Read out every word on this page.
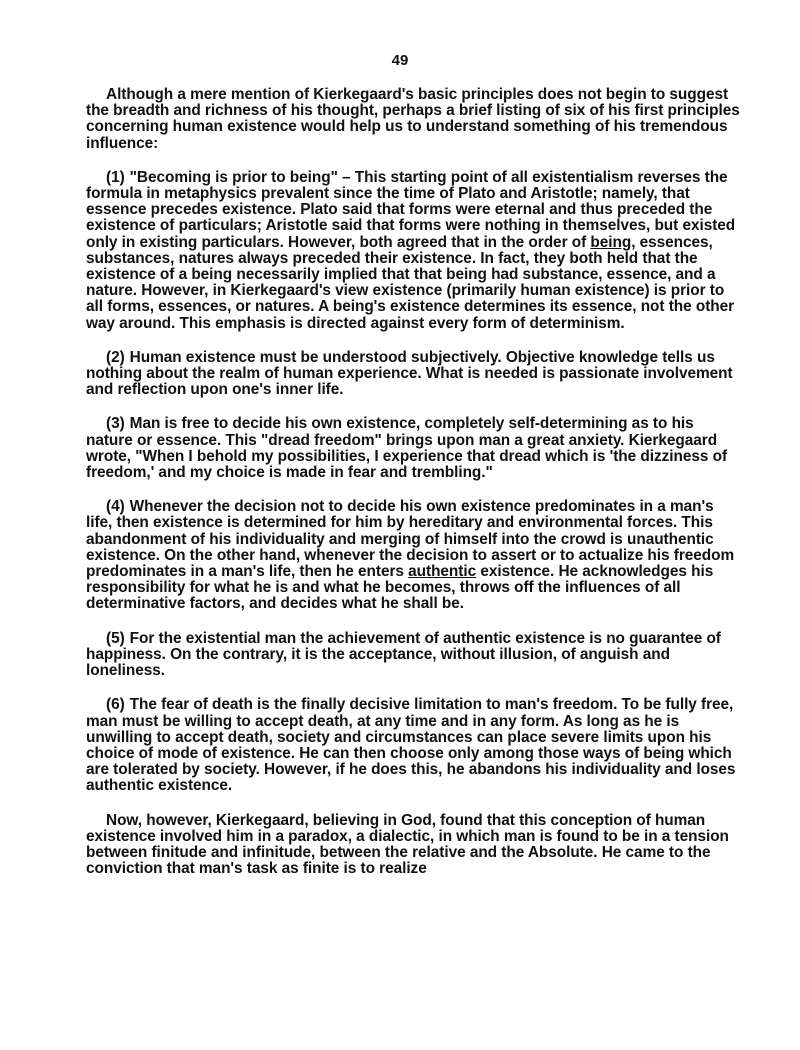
49

Although a mere mention of Kierkegaard's basic principles does not begin to suggest the breadth and richness of his thought, perhaps a brief listing of six of his first principles concerning human existence would help us to understand something of his tremendous influence:

(1) "Becoming is prior to being" – This starting point of all existentialism reverses the formula in metaphysics prevalent since the time of Plato and Aristotle; namely, that essence precedes existence. Plato said that forms were eternal and thus preceded the existence of particulars; Aristotle said that forms were nothing in themselves, but existed only in existing particulars. However, both agreed that in the order of being, essences, substances, natures always preceded their existence. In fact, they both held that the existence of a being necessarily implied that that being had substance, essence, and a nature. However, in Kierkegaard's view existence (primarily human existence) is prior to all forms, essences, or natures. A being's existence determines its essence, not the other way around. This emphasis is directed against every form of determinism.

(2) Human existence must be understood subjectively. Objective knowledge tells us nothing about the realm of human experience. What is needed is passionate involvement and reflection upon one's inner life.

(3) Man is free to decide his own existence, completely self-determining as to his nature or essence. This "dread freedom" brings upon man a great anxiety. Kierkegaard wrote, "When I behold my possibilities, I experience that dread which is 'the dizziness of freedom,' and my choice is made in fear and trembling."

(4) Whenever the decision not to decide his own existence predominates in a man's life, then existence is determined for him by hereditary and environmental forces. This abandonment of his individuality and merging of himself into the crowd is unauthentic existence. On the other hand, whenever the decision to assert or to actualize his freedom predominates in a man's life, then he enters authentic existence. He acknowledges his responsibility for what he is and what he becomes, throws off the influences of all determinative factors, and decides what he shall be.

(5) For the existential man the achievement of authentic existence is no guarantee of happiness. On the contrary, it is the acceptance, without illusion, of anguish and loneliness.

(6) The fear of death is the finally decisive limitation to man's freedom. To be fully free, man must be willing to accept death, at any time and in any form. As long as he is unwilling to accept death, society and circumstances can place severe limits upon his choice of mode of existence. He can then choose only among those ways of being which are tolerated by society. However, if he does this, he abandons his individuality and loses authentic existence.

Now, however, Kierkegaard, believing in God, found that this conception of human existence involved him in a paradox, a dialectic, in which man is found to be in a tension between finitude and infinitude, between the relative and the Absolute. He came to the conviction that man's task as finite is to realize
